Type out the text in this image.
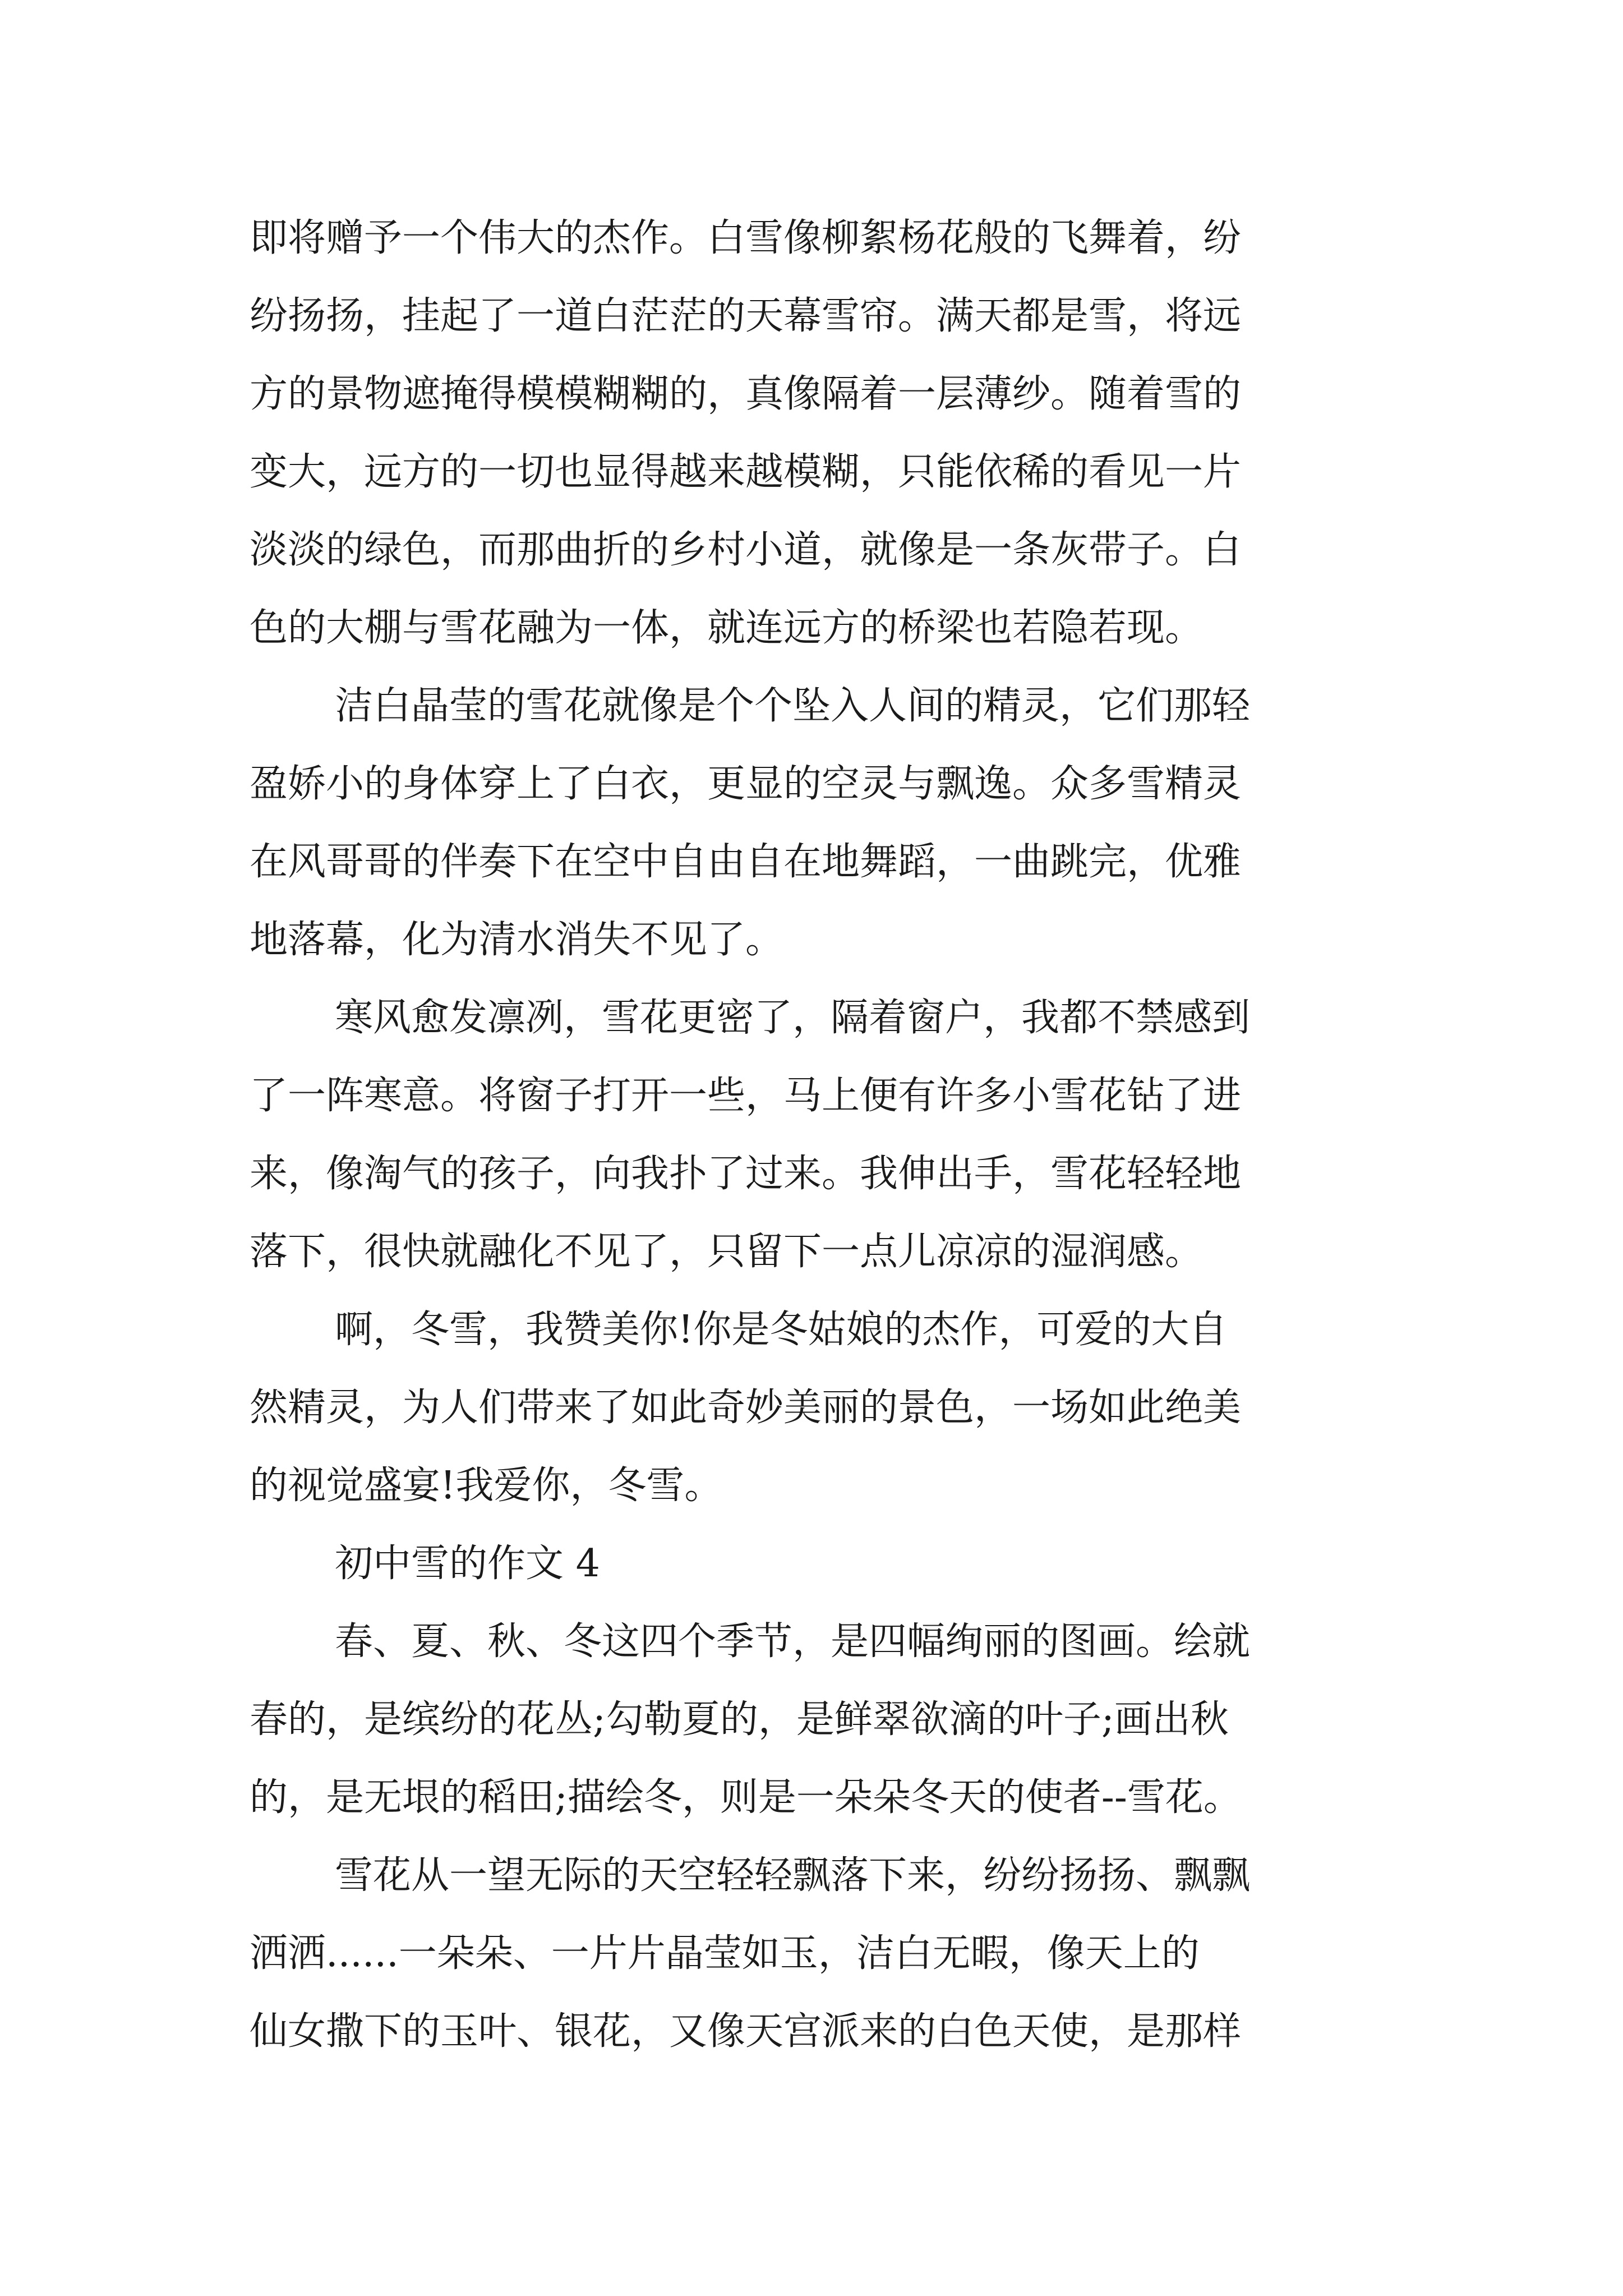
即将赠予一个伟大的杰作。白雪像柳絮杨花般的飞舞着，纷
纷扬扬，挂起了一道白茫茫的天幕雪帘。满天都是雪，将远
方的景物遮掩得模模糊糊的，真像隔着一层薄纱。随着雪的
变大，远方的一切也显得越来越模糊，只能依稀的看见一片
淡淡的绿色，而那曲折的乡村小道，就像是一条灰带子。白
色的大棚与雪花融为一体，就连远方的桥梁也若隐若现。
洁白晶莹的雪花就像是个个坠入人间的精灵，它们那轻
盈娇小的身体穿上了白衣，更显的空灵与飘逸。众多雪精灵
在风哥哥的伴奏下在空中自由自在地舞蹈，一曲跳完，优雅
地落幕，化为清水消失不见了。
寒风愈发凛冽，雪花更密了，隔着窗户，我都不禁感到
了一阵寒意。将窗子打开一些，马上便有许多小雪花钻了进
来，像淘气的孩子，向我扑了过来。我伸出手，雪花轻轻地
落下，很快就融化不见了，只留下一点儿凉凉的湿润感。
啊，冬雪，我赞美你!你是冬姑娘的杰作，可爱的大自
然精灵，为人们带来了如此奇妙美丽的景色，一场如此绝美
的视觉盛宴!我爱你，冬雪。
初中雪的作文 4
春、夏、秋、冬这四个季节，是四幅绚丽的图画。绘就
春的，是缤纷的花丛;勾勒夏的，是鲜翠欲滴的叶子;画出秋
的，是无垠的稻田;描绘冬，则是一朵朵冬天的使者--雪花。
雪花从一望无际的天空轻轻飘落下来，纷纷扬扬、飘飘
洒洒......一朵朵、一片片晶莹如玉，洁白无暇，像天上的
仙女撒下的玉叶、银花，又像天宫派来的白色天使，是那样
